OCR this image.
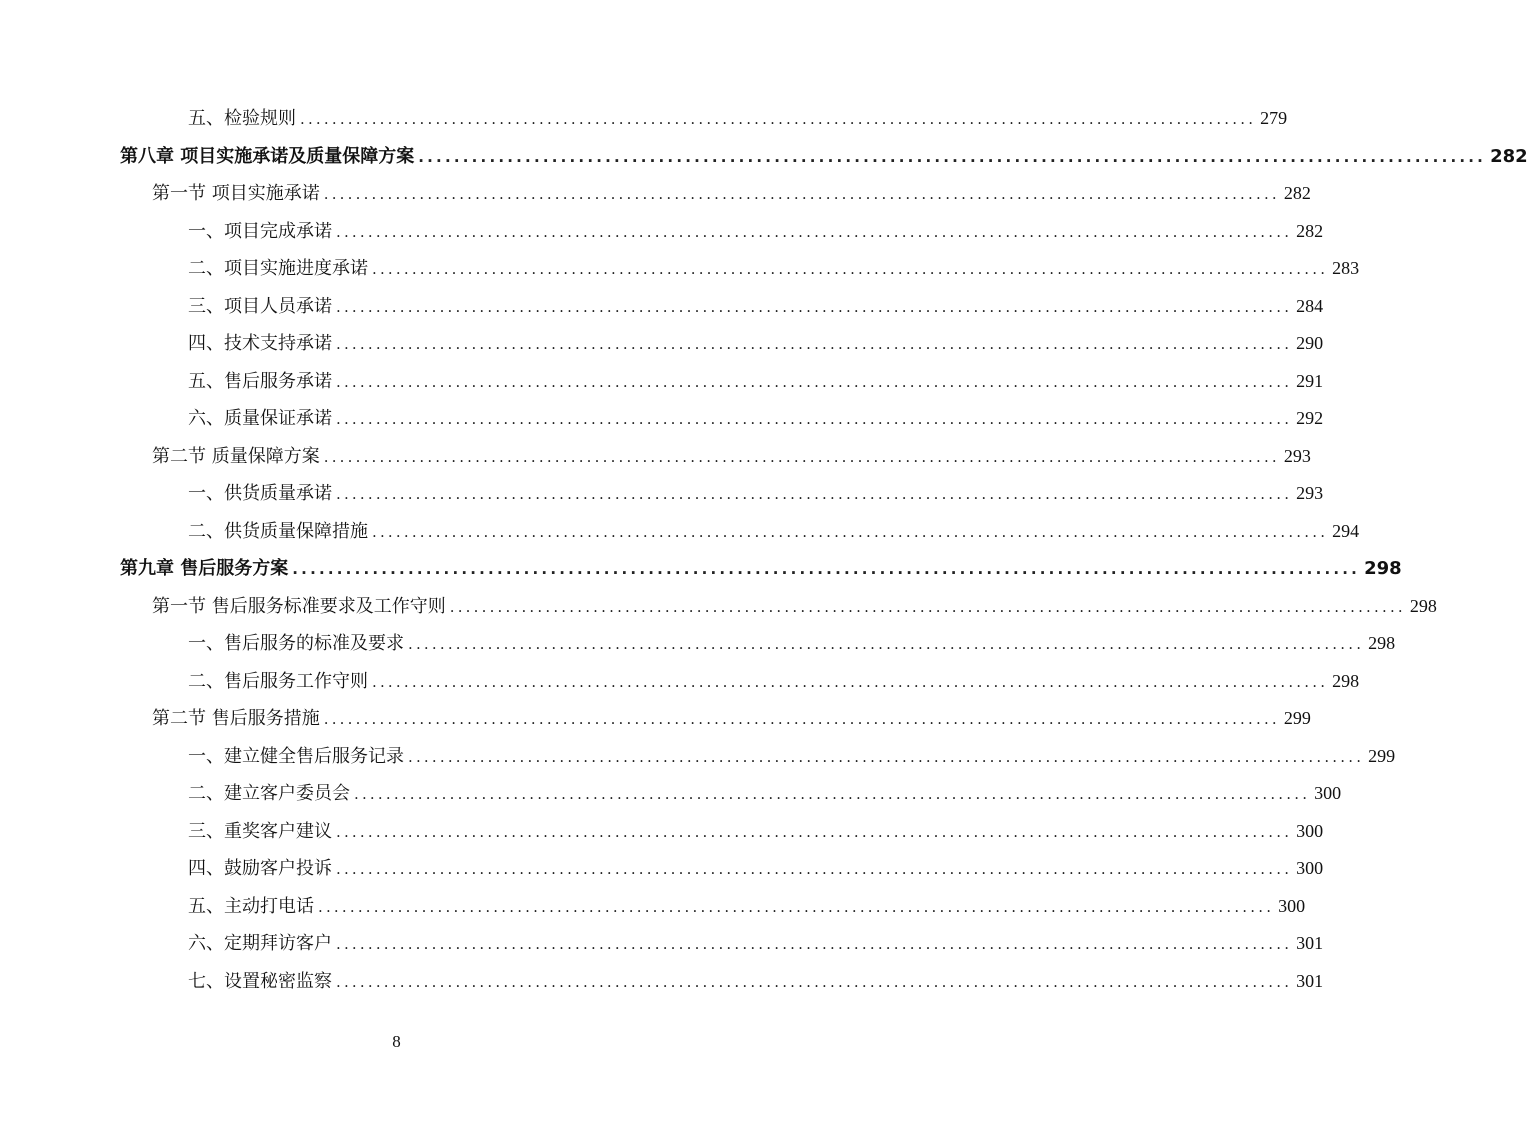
五、检验规则 ........................................................................................................................ 279
第八章 项目实施承诺及质量保障方案 ........................................................................................................................ 282
第一节 项目实施承诺 ........................................................................................................................ 282
一、项目完成承诺 ........................................................................................................................ 282
二、项目实施进度承诺 ........................................................................................................................ 283
三、项目人员承诺 ........................................................................................................................ 284
四、技术支持承诺 ........................................................................................................................ 290
五、售后服务承诺 ........................................................................................................................ 291
六、质量保证承诺 ........................................................................................................................ 292
第二节 质量保障方案 ........................................................................................................................ 293
一、供货质量承诺 ........................................................................................................................ 293
二、供货质量保障措施 ........................................................................................................................ 294
第九章 售后服务方案 ........................................................................................................................ 298
第一节 售后服务标准要求及工作守则 ........................................................................................................................ 298
一、售后服务的标准及要求 ........................................................................................................................ 298
二、售后服务工作守则 ........................................................................................................................ 298
第二节 售后服务措施 ........................................................................................................................ 299
一、建立健全售后服务记录 ........................................................................................................................ 299
二、建立客户委员会 ........................................................................................................................ 300
三、重奖客户建议 ........................................................................................................................ 300
四、鼓励客户投诉 ........................................................................................................................ 300
五、主动打电话 ........................................................................................................................ 300
六、定期拜访客户 ........................................................................................................................ 301
七、设置秘密监察 ........................................................................................................................ 301
8
